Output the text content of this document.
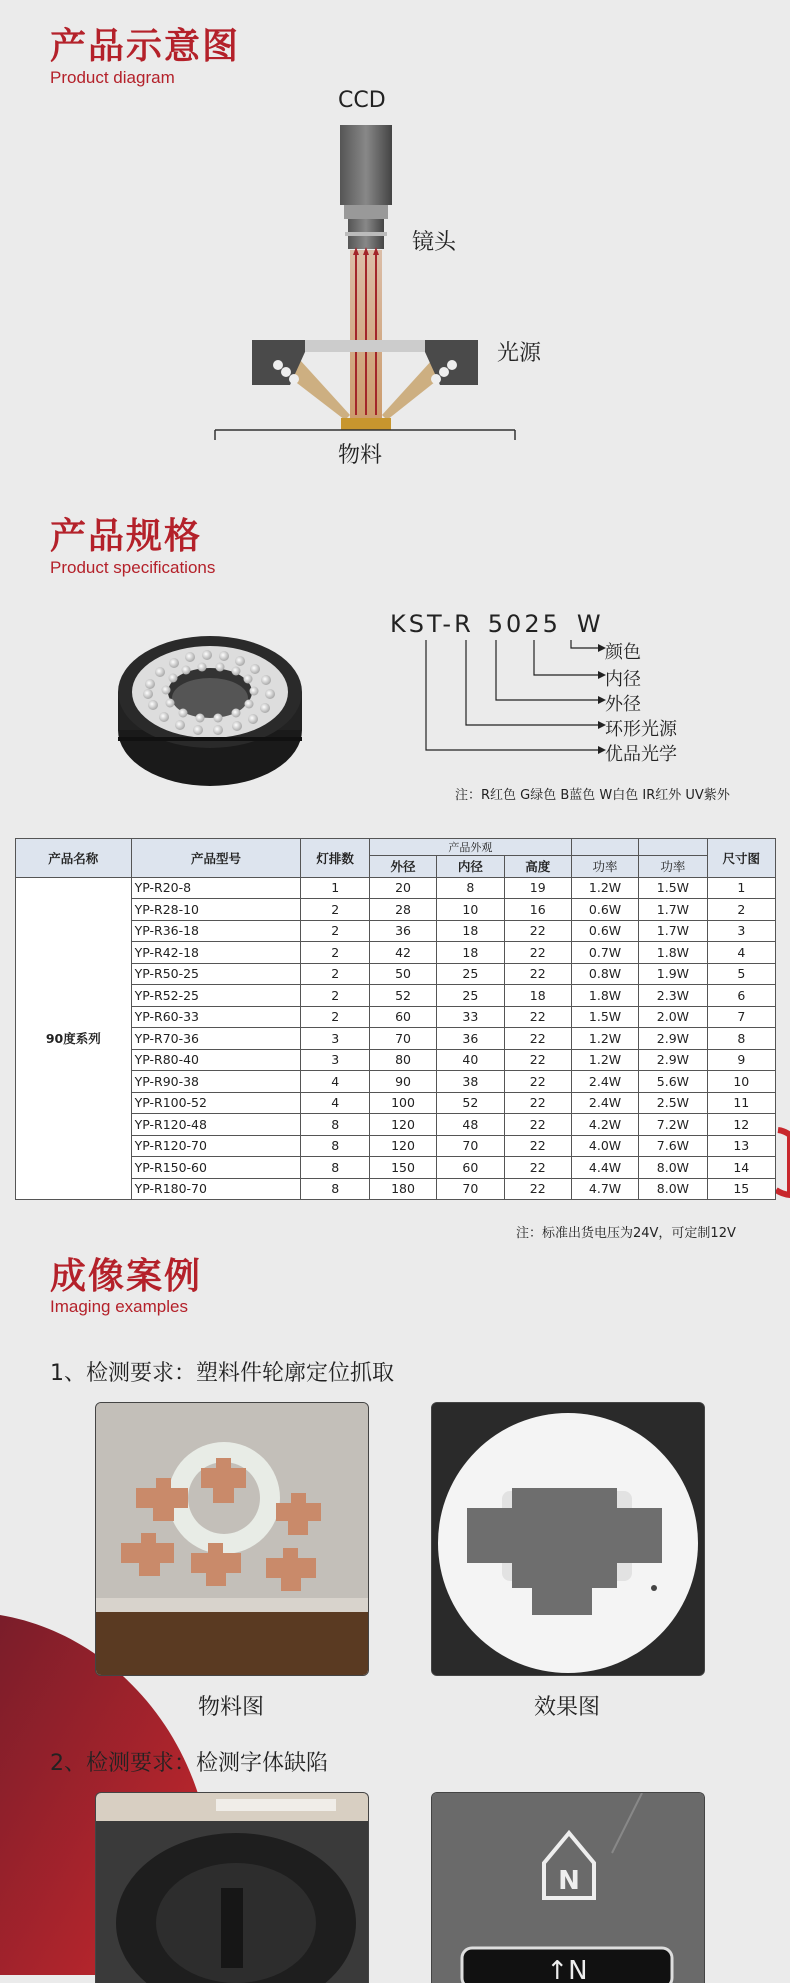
产品示意图
Product diagram
CCD
镜头
光源
物料
产品规格
Product specifications
KST-R 5025 W
颜色
内径
外径
环形光源
优品光学
注：R红色 G绿色 B蓝色 W白色 IR红外 UV紫外
产品名称	产品型号	灯排数	产品外观					尺寸图
			外径	内径	高度	功率	功率	
90度系列	YP-R20-8	1	20	8	19	1.2W	1.5W	1
	YP-R28-10	2	28	10	16	0.6W	1.7W	2
	YP-R36-18	2	36	18	22	0.6W	1.7W	3
	YP-R42-18	2	42	18	22	0.7W	1.8W	4
	YP-R50-25	2	50	25	22	0.8W	1.9W	5
	YP-R52-25	2	52	25	18	1.8W	2.3W	6
	YP-R60-33	2	60	33	22	1.5W	2.0W	7
	YP-R70-36	3	70	36	22	1.2W	2.9W	8
	YP-R80-40	3	80	40	22	1.2W	2.9W	9
	YP-R90-38	4	90	38	22	2.4W	5.6W	10
	YP-R100-52	4	100	52	22	2.4W	2.5W	11
	YP-R120-48	8	120	48	22	4.2W	7.2W	12
	YP-R120-70	8	120	70	22	4.0W	7.6W	13
	YP-R150-60	8	150	60	22	4.4W	8.0W	14
	YP-R180-70	8	180	70	22	4.7W	8.0W	15
注：标准出货电压为24V，可定制12V
成像案例
Imaging examples
1、检测要求：塑料件轮廓定位抓取
物料图	效果图
2、检测要求：检测字体缺陷
N
↑N
